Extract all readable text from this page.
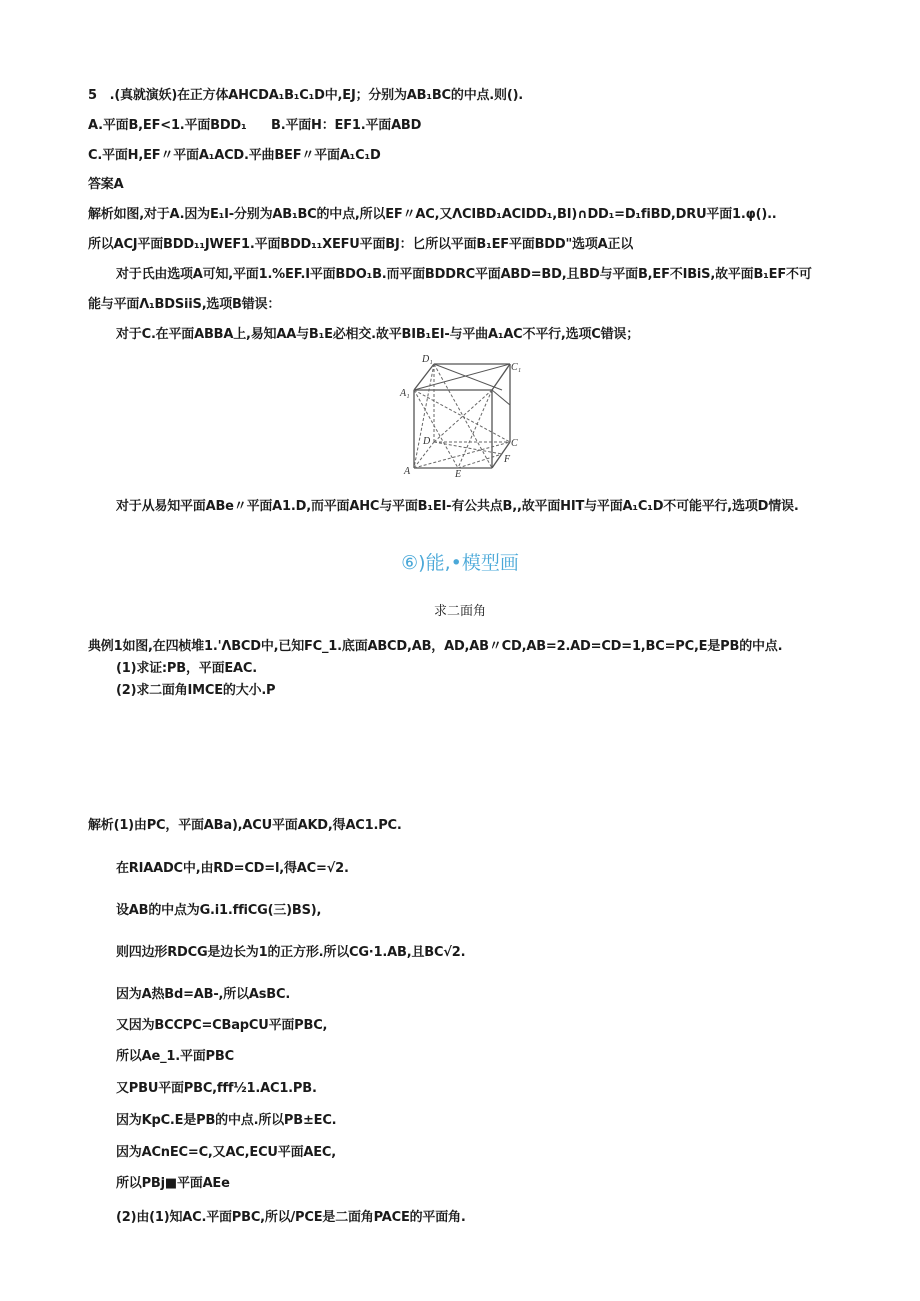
5　.(真就演妖)在正方体AHCDA₁B₁C₁D中,EJ；分别为AB₁BC的中点.则().
A.平面B,EF<1.平面BDD₁ B.平面H：EF1.平面ABD
C.平面H,EF〃平面A₁ACD.平曲BEF〃平面A₁C₁D
答案A
解析如图,对于A.因为E₁I-分别为AB₁BC的中点,所以EF〃AC,又ΛCIBD₁ACIDD₁,BI)∩DD₁=D₁fiBD,DRU平面1.φ()..
所以ACJ平面BDD₁₁JWEF1.平面BDD₁₁XEFU平面BJ：匕所以平面B₁EF平面BDD"选项A正以
对于氏由选项A可知,平面1.%EF.I平面BDO₁B.而平面BDDRC平面ABD=BD,且BD与平面B,EF不IBiS,故平面B₁EF不可
能与平面Λ₁BDSiiS,选项B错误：
对于C.在平面ABBA上,易知AA与B₁E必相交.故平BIB₁EI-与平曲A₁AC不平行,选项C错误；
D₁
C₁
A₁
D	C
A
F
E
对于从易知平面ABe〃平面A1.D,而平面AHC与平面B₁EI-有公共点B,,故平面HIT与平面A₁C₁D不可能平行,选项D情误.
⑥)能,•模型画
求二面角
典例1如图,在四桢堆1.'ΛBCD中,已知FC_1.底面ABCD,AB，AD,AB〃CD,AB=2.AD=CD=1,BC=PC,E是PB的中点.
(1)求证:PB，平面EAC.
(2)求二面角IMCE的大小.P
解析(1)由PC，平面ABa),ACU平面AKD,得AC1.PC.
在RIAADC中,由RD=CD=l,得AC=√2.
设AB的中点为G.i1.ffiCG(三)BS),
则四边形RDCG是边长为1的正方形.所以CG·1.AB,且BC√2.
因为A热Bd=AB-,所以AsBC.
又因为BCCPC=CBapCU平面PBC,
所以Ae_1.平面PBC
又PBU平面PBC,fff½1.AC1.PB.
因为KpC.E是PB的中点.所以PB±EC.
因为ACnEC=C,又AC,ECU平面AEC,
所以PBj■平面AEe
(2)由(1)知AC.平面PBC,所以/PCE是二面角PACE的平面角.
